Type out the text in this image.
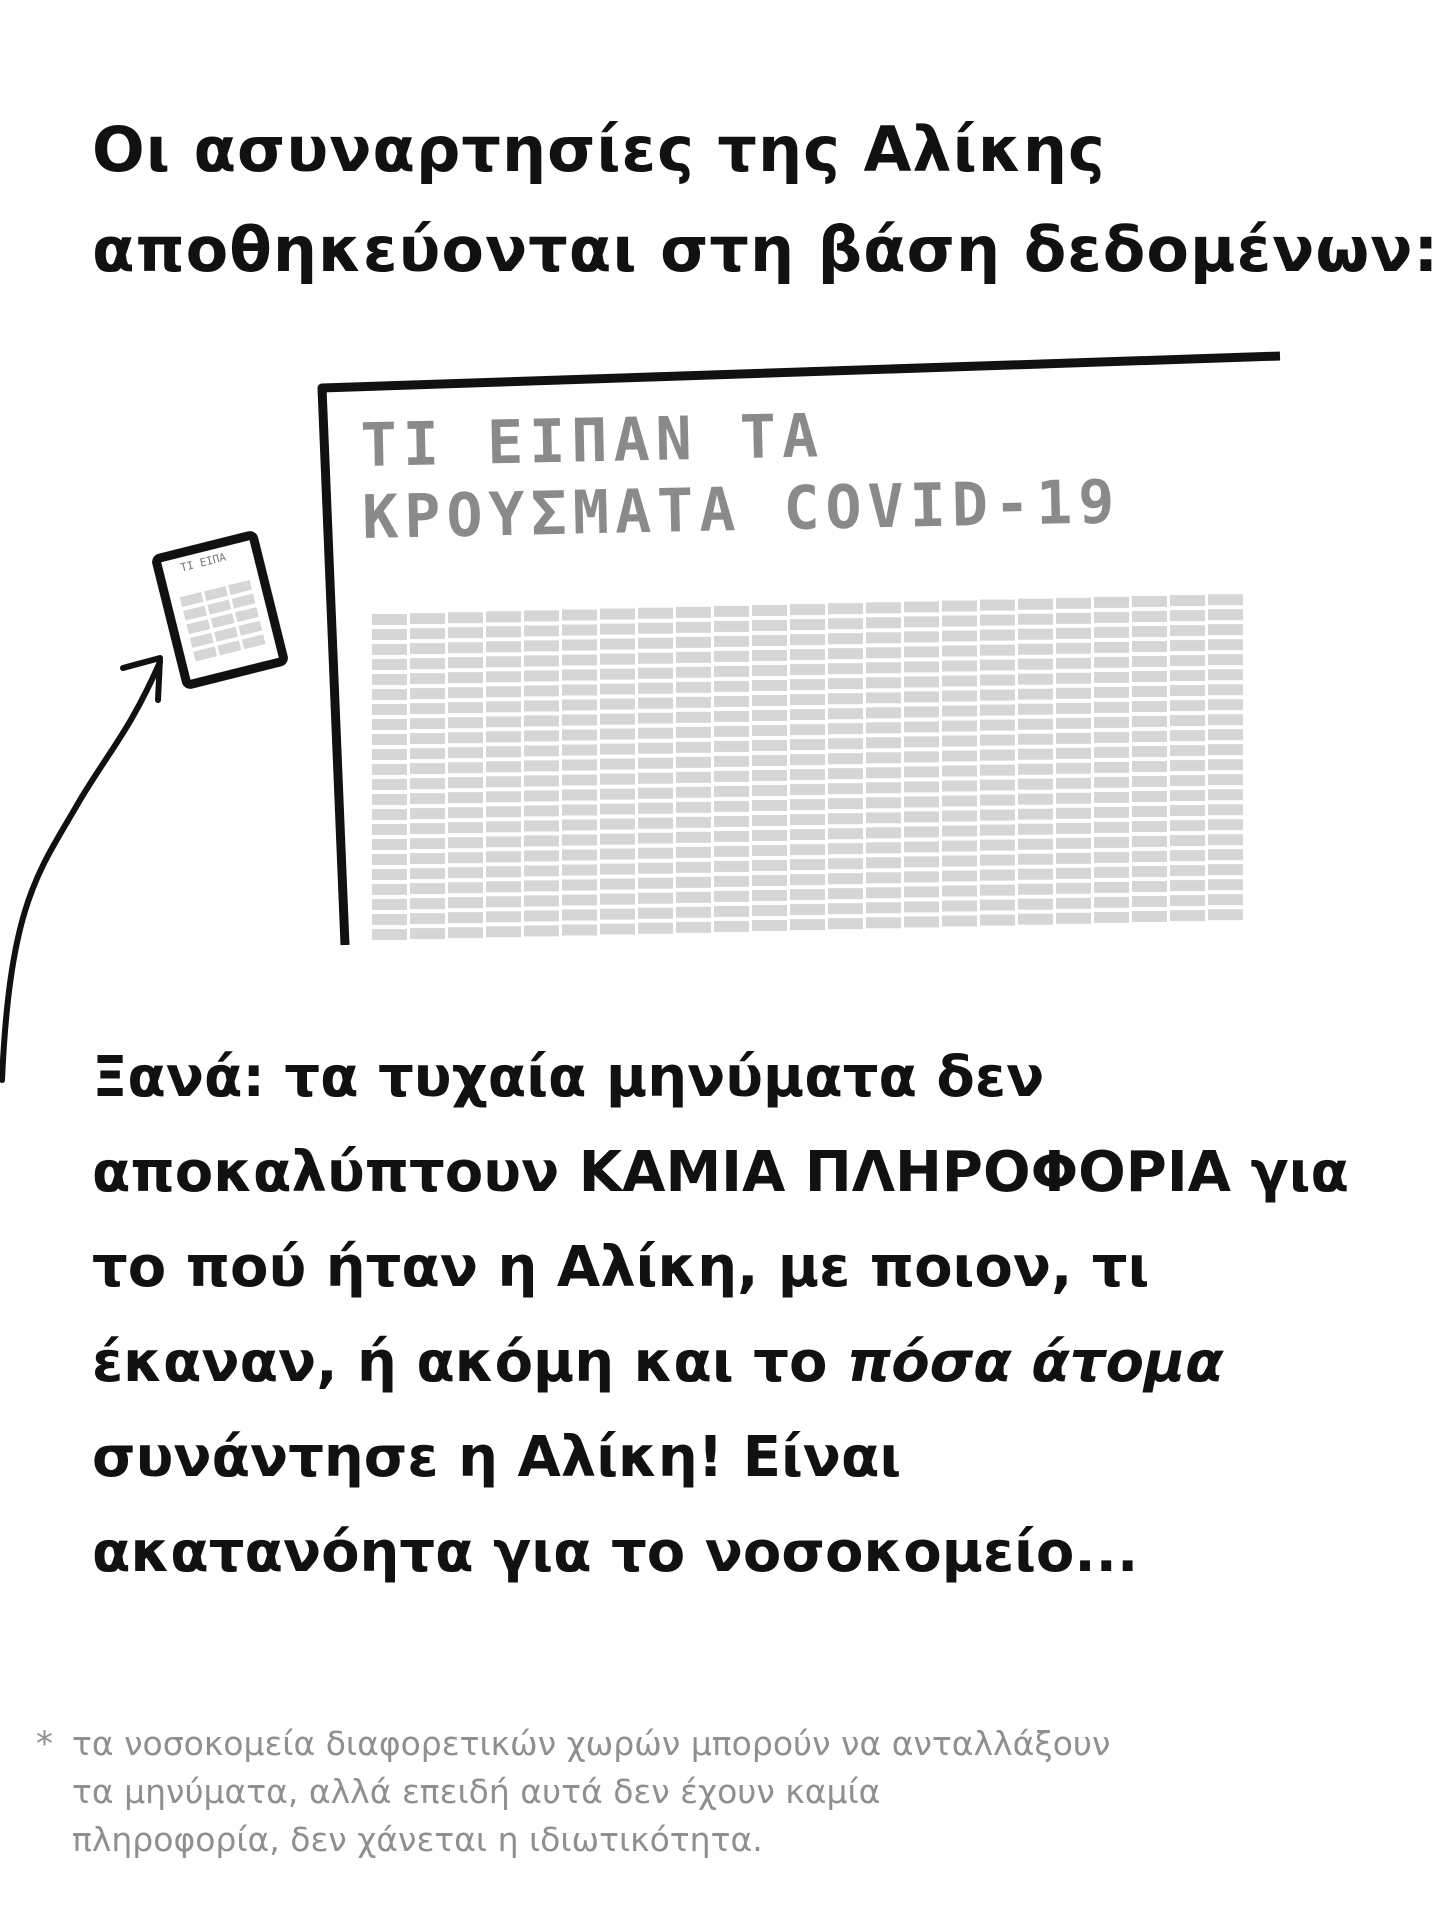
Οι ασυναρτησίες της Αλίκης
αποθηκεύονται στη βάση δεδομένων:
ΤΙ ΕΙΠΑΝ ΤΑ
ΚΡΟΥΣΜΑΤΑ COVID-19
ΤΙ ΕΙΠΑ
Ξανά: τα τυχαία μηνύματα δεν
αποκαλύπτουν ΚΑΜΙΑ ΠΛΗΡΟΦΟΡΙΑ για
το πού ήταν η Αλίκη, με ποιον, τι
έκαναν, ή ακόμη και το πόσα άτομα
συνάντησε η Αλίκη! Είναι
ακατανόητα για το νοσοκομείο...
* τα νοσοκομεία διαφορετικών χωρών μπορούν να ανταλλάξουν
τα μηνύματα, αλλά επειδή αυτά δεν έχουν καμία
πληροφορία, δεν χάνεται η ιδιωτικότητα.
